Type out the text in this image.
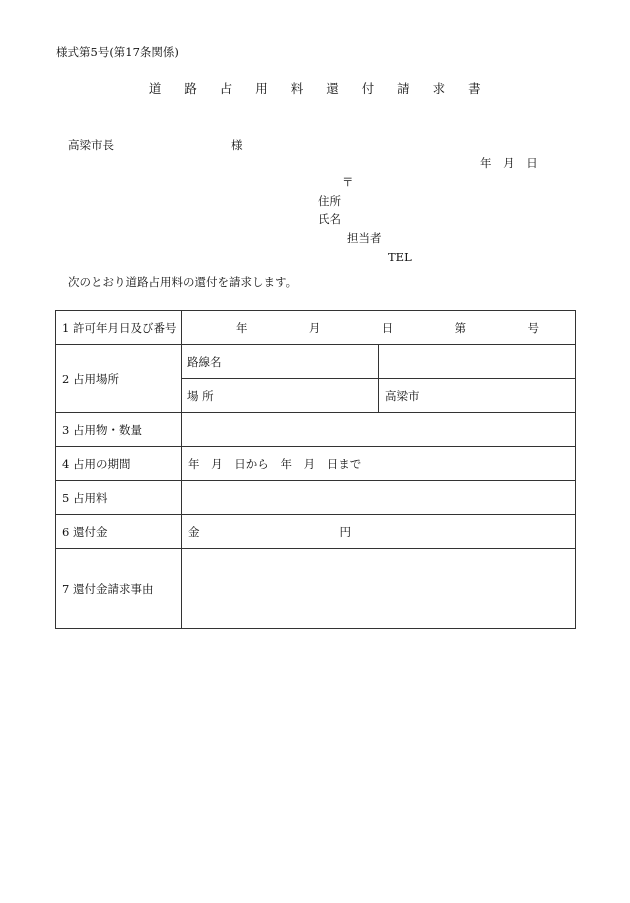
様式第5号(第17条関係)
道 路 占 用 料 還 付 請 求 書
高梁市長	様
年 月 日
〒
住所
氏名
担当者
TEL
次のとおり道路占用料の還付を請求します。
1 許可年月日及び番号	年 月 日 第 号	

2 占用場所	路線名	
	場 所	高梁市
3 占用物・数量		
4 占用の期間	年 月 日から 年 月 日まで	
5 占用料		
6 還付金	金 円	

7 還付金請求事由		
